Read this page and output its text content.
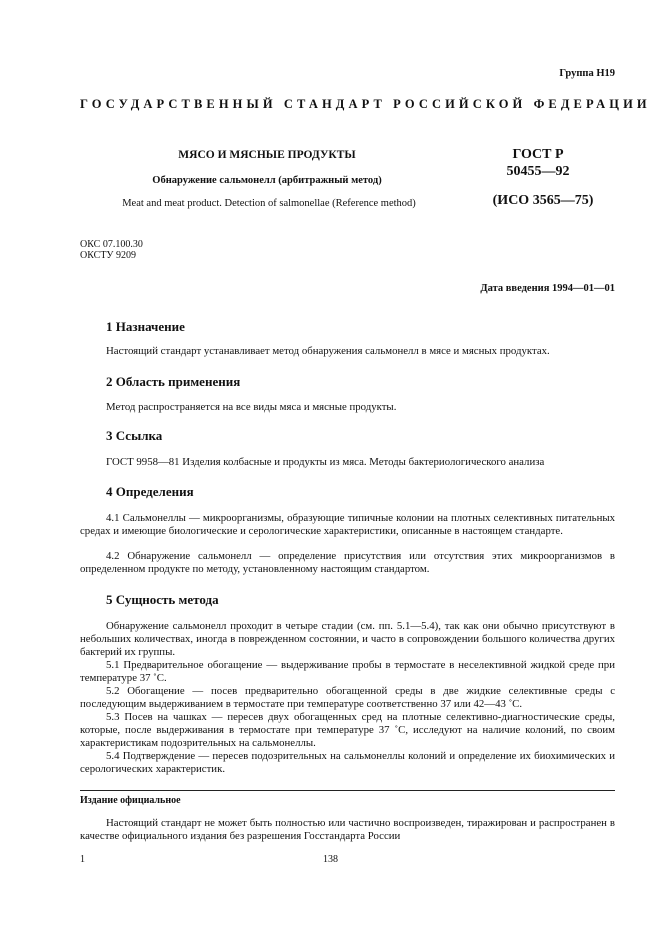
Группа Н19
ГОСУДАРСТВЕННЫЙ СТАНДАРТ РОССИЙСКОЙ ФЕДЕРАЦИИ
МЯСО И МЯСНЫЕ ПРОДУКТЫ
Обнаружение сальмонелл (арбитражный метод)
Meat and meat product. Detection of salmonellae (Reference method)
ГОСТ Р
50455—92
(ИСО 3565—75)
ОКС 07.100.30
ОКСТУ 9209
Дата введения 1994—01—01
1 Назначение

Настоящий стандарт устанавливает метод обнаружения сальмонелл в мясе и мясных продуктах.

2 Область применения

Метод распространяется на все виды мяса и мясные продукты.

3 Ссылка

ГОСТ 9958—81 Изделия колбасные и продукты из мяса. Методы бактериологического анализа

4 Определения

4.1 Сальмонеллы — микроорганизмы, образующие типичные колонии на плотных селективных питательных средах и имеющие биологические и серологические характеристики, описанные в настоящем стандарте.

4.2 Обнаружение сальмонелл — определение присутствия или отсутствия этих микроорганизмов в определенном продукте по методу, установленному настоящим стандартом.

5 Сущность метода

Обнаружение сальмонелл проходит в четыре стадии (см. пп. 5.1—5.4), так как они обычно присутствуют в небольших количествах, иногда в поврежденном состоянии, и часто в сопровождении большого количества других бактерий их группы.

5.1 Предварительное обогащение — выдерживание пробы в термостате в неселективной жидкой среде при температуре 37 ˚С.

5.2 Обогащение — посев предварительно обогащенной среды в две жидкие селективные среды с последующим выдерживанием в термостате при температуре соответственно 37 или 42—43 ˚С.

5.3 Посев на чашках — пересев двух обогащенных сред на плотные селективно-диагностические среды, которые, после выдерживания в термостате при температуре 37 ˚С, исследуют на наличие колоний, по своим характеристикам подозрительных на сальмонеллы.

5.4 Подтверждение — пересев подозрительных на сальмонеллы колоний и определение их биохимических и серологических характеристик.

Издание официальное

Настоящий стандарт не может быть полностью или частично воспроизведен, тиражирован и распространен в качестве официального издания без разрешения Госстандарта России

1	138
